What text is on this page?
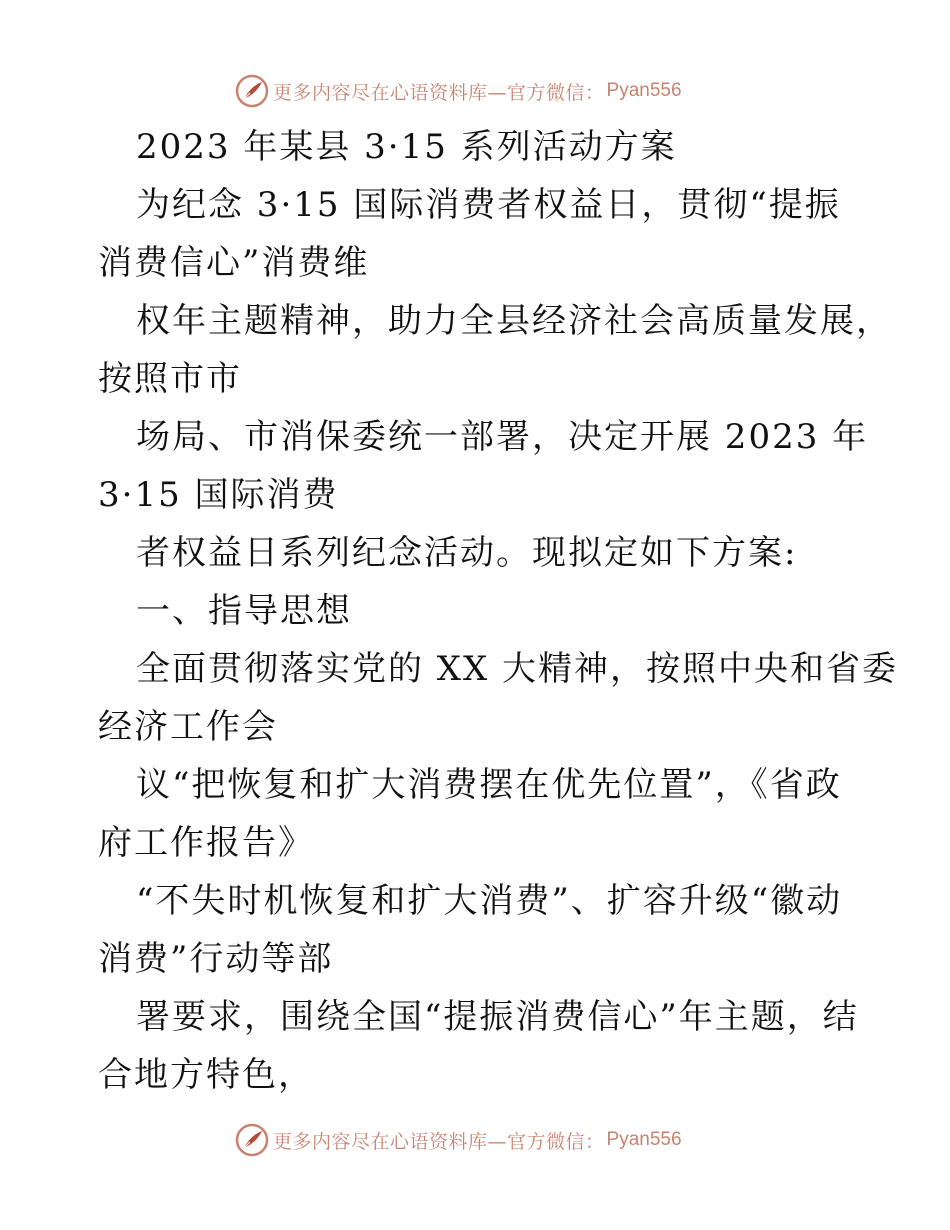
更多内容尽在心语资料库—官方微信： Pyan556
2023 年某县 3·15 系列活动方案
为纪念 3·15 国际消费者权益日，贯彻“提振
消费信心”消费维
权年主题精神，助力全县经济社会高质量发展，
按照市市
场局、市消保委统一部署，决定开展 2023 年
3·15 国际消费
者权益日系列纪念活动。现拟定如下方案:
一、指导思想
全面贯彻落实党的 XX 大精神，按照中央和省委
经济工作会
议“把恢复和扩大消费摆在优先位置”，《省政
府工作报告》
“不失时机恢复和扩大消费”、扩容升级“徽动
消费”行动等部
署要求，围绕全国“提振消费信心”年主题，结
合地方特色，
更多内容尽在心语资料库—官方微信： Pyan556
